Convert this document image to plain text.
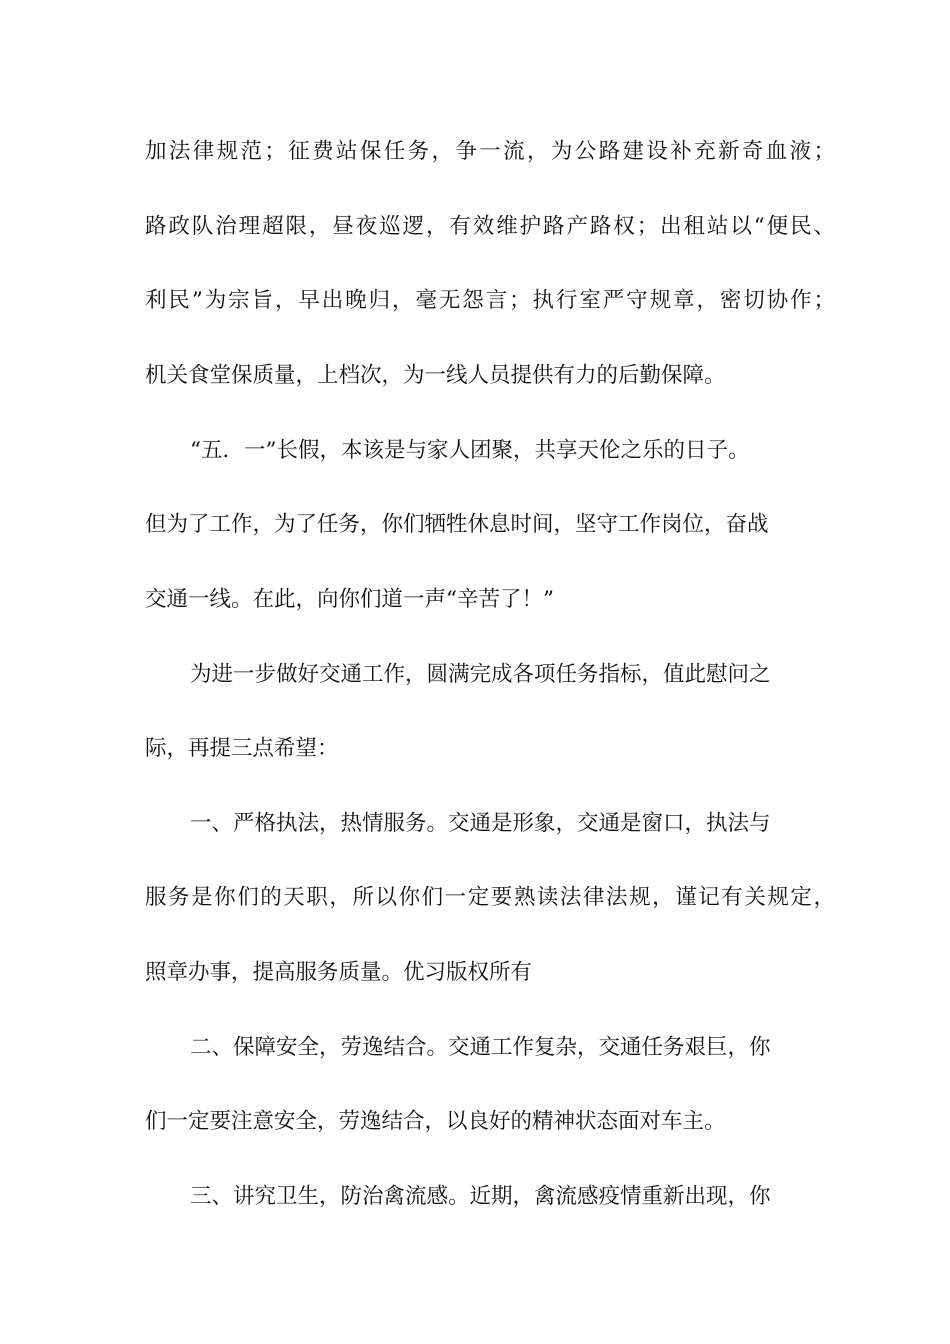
加法律规范；征费站保任务，争一流，为公路建设补充新奇血液；
路政队治理超限，昼夜巡逻，有效维护路产路权；出租站以“便民、
利民”为宗旨，早出晚归，毫无怨言；执行室严守规章，密切协作；
机关食堂保质量，上档次，为一线人员提供有力的后勤保障。
“五．一”长假，本该是与家人团聚，共享天伦之乐的日子。
但为了工作，为了任务，你们牺牲休息时间，坚守工作岗位，奋战
交通一线。在此，向你们道一声“辛苦了！”
为进一步做好交通工作，圆满完成各项任务指标，值此慰问之
际，再提三点希望：
一、严格执法，热情服务。交通是形象，交通是窗口，执法与
服务是你们的天职，所以你们一定要熟读法律法规，谨记有关规定，
照章办事，提高服务质量。优习版权所有
二、保障安全，劳逸结合。交通工作复杂，交通任务艰巨，你
们一定要注意安全，劳逸结合，以良好的精神状态面对车主。
三、讲究卫生，防治禽流感。近期，禽流感疫情重新出现，你
